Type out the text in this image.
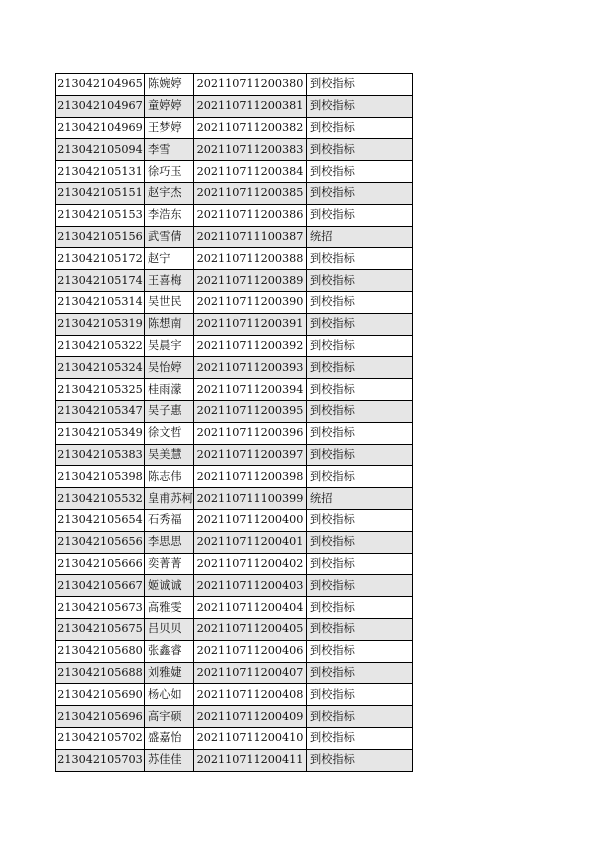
213042104965	陈婉婷	202110711200380	到校指标
213042104967	童婷婷	202110711200381	到校指标
213042104969	王梦婷	202110711200382	到校指标
213042105094	李雪	202110711200383	到校指标
213042105131	徐巧玉	202110711200384	到校指标
213042105151	赵宇杰	202110711200385	到校指标
213042105153	李浩东	202110711200386	到校指标
213042105156	武雪倩	202110711100387	统招
213042105172	赵宁	202110711200388	到校指标
213042105174	王喜梅	202110711200389	到校指标
213042105314	吴世民	202110711200390	到校指标
213042105319	陈想南	202110711200391	到校指标
213042105322	吴晨宇	202110711200392	到校指标
213042105324	吴怡婷	202110711200393	到校指标
213042105325	桂雨濛	202110711200394	到校指标
213042105347	吴子惠	202110711200395	到校指标
213042105349	徐文哲	202110711200396	到校指标
213042105383	吴美慧	202110711200397	到校指标
213042105398	陈志伟	202110711200398	到校指标
213042105532	皇甫苏柯	202110711100399	统招
213042105654	石秀福	202110711200400	到校指标
213042105656	李思思	202110711200401	到校指标
213042105666	奕菁菁	202110711200402	到校指标
213042105667	姬诚诚	202110711200403	到校指标
213042105673	高雅雯	202110711200404	到校指标
213042105675	吕贝贝	202110711200405	到校指标
213042105680	张鑫睿	202110711200406	到校指标
213042105688	刘雅婕	202110711200407	到校指标
213042105690	杨心如	202110711200408	到校指标
213042105696	高宇硕	202110711200409	到校指标
213042105702	盛嘉怡	202110711200410	到校指标
213042105703	苏佳佳	202110711200411	到校指标
